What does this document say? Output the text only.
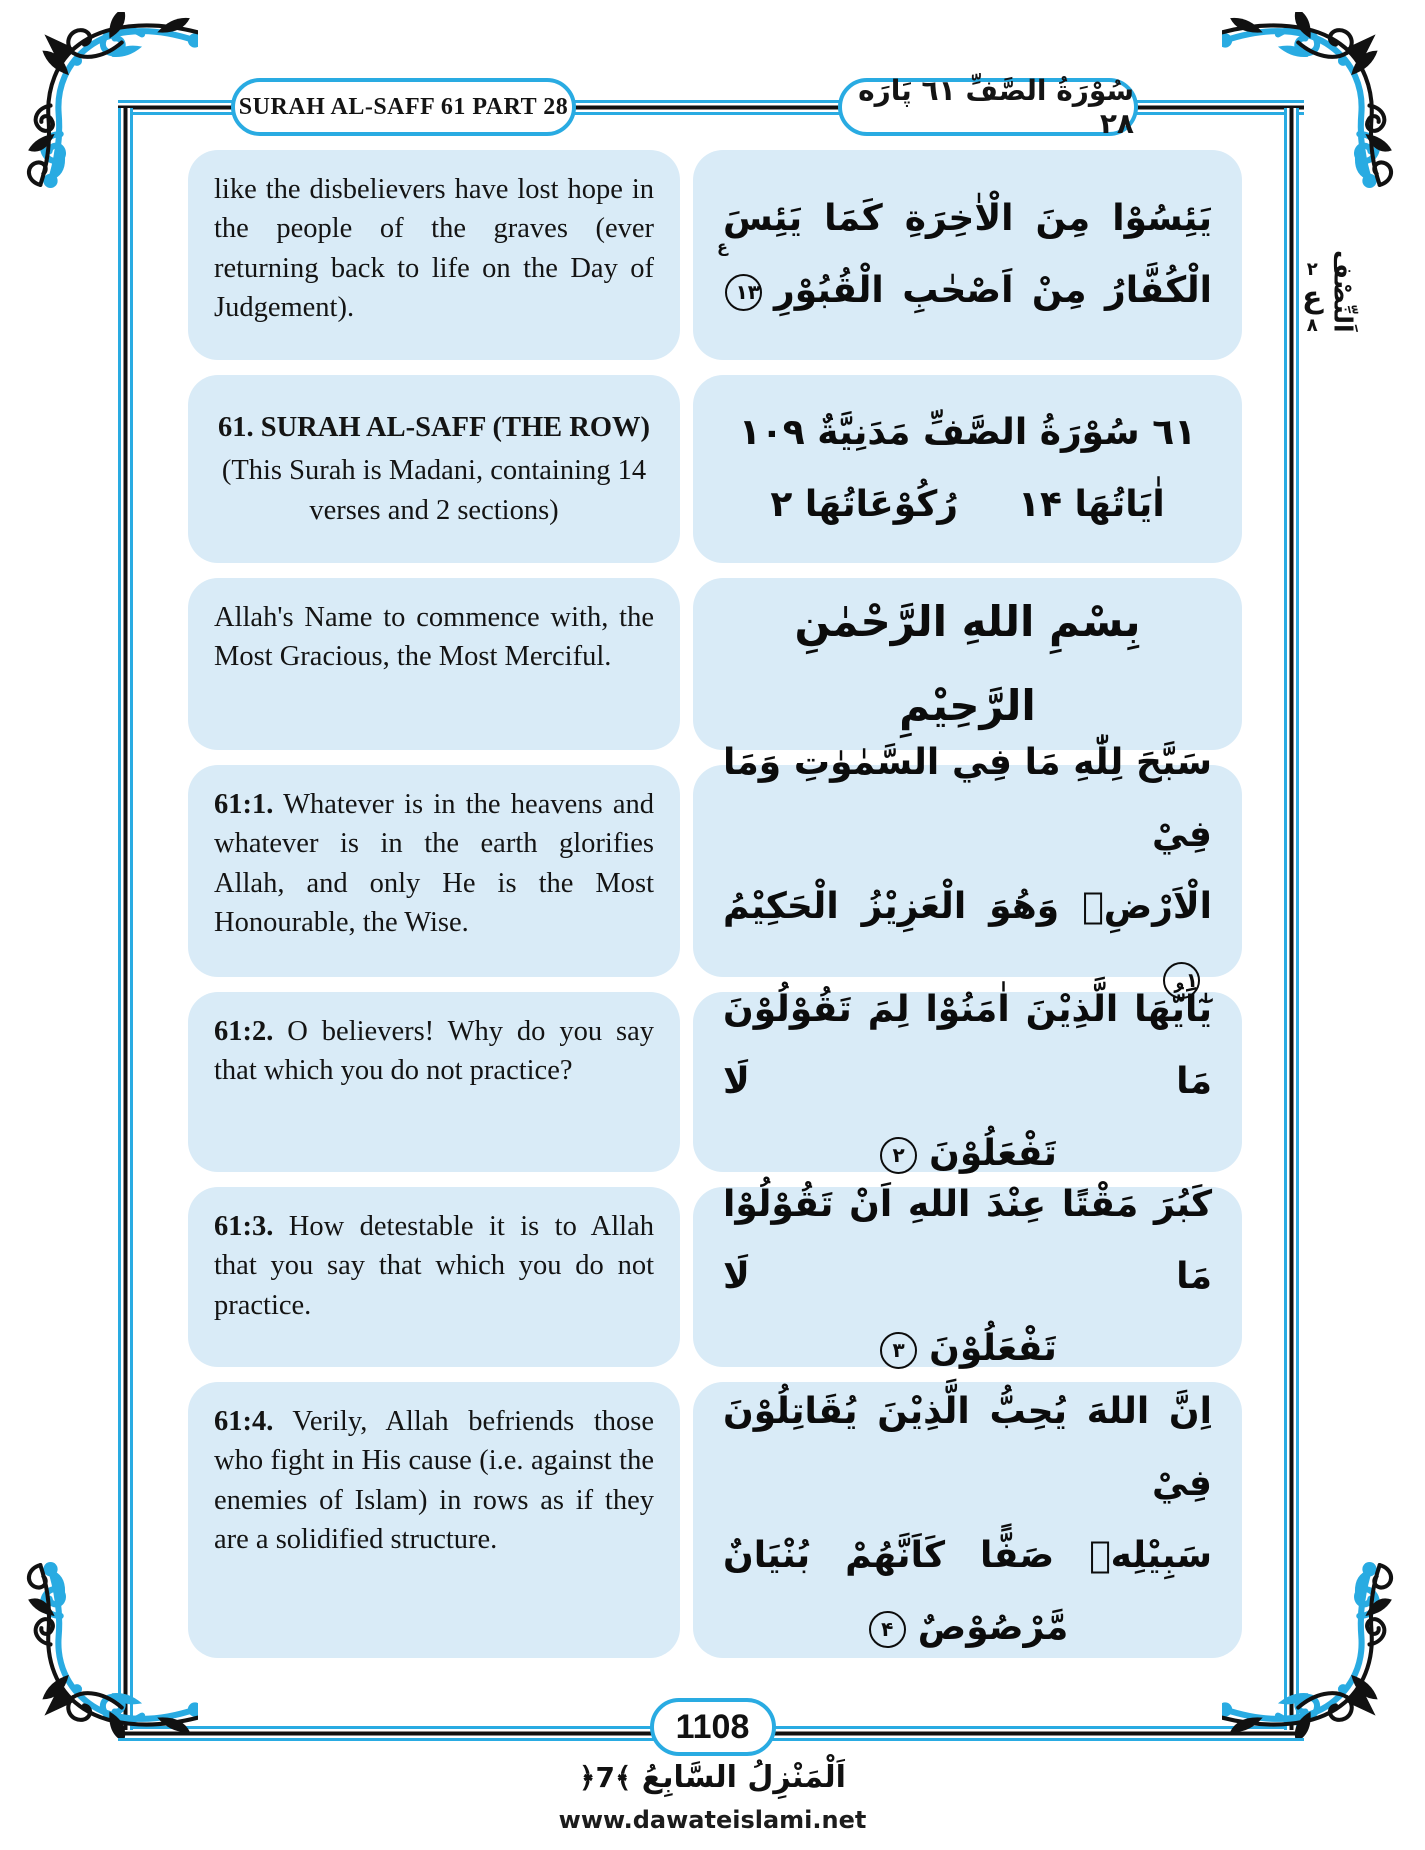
SURAH AL-SAFF 61 PART 28	سُوْرَةُ الصَّفِّ ٦١ پَارَه ٢٨
۲
ع
۸ اَلنِّصْف

like the disbelievers have lost hope in the people of the graves (ever returning back to life on the Day of Judgement).

يَئِسُوْا مِنَ الْاٰخِرَةِ كَمَا يَئِسَ
الْكُفَّارُ مِنْ اَصْحٰبِ الْقُبُوْرِ
ع
۱۳
61. SURAH AL-SAFF (THE ROW)
(This Surah is Madani, containing 14 verses and 2 sections)
٦١ سُوْرَةُ الصَّفِّ مَدَنِيَّةٌ ١٠٩
اٰيَاتُهَا ۱۴
رُكُوْعَاتُهَا ۲

Allah's Name to commence with, the Most Gracious, the Most Merciful.

بِسْمِ اللهِ الرَّحْمٰنِ الرَّحِيْمِ

61:1. Whatever is in the heavens and whatever is in the earth glorifies Allah, and only He is the Most Honourable, the Wise.

سَبَّحَ لِلّٰهِ مَا فِي السَّمٰوٰتِ وَمَا فِيْ
الْاَرْضِۚ وَهُوَ الْعَزِيْزُ الْحَكِيْمُ۱

61:2. O believers! Why do you say that which you do not practice?

يٰٓاَيُّهَا الَّذِيْنَ اٰمَنُوْا لِمَ تَقُوْلُوْنَ مَا لَا
تَفْعَلُوْنَ۲

61:3. How detestable it is to Allah that you say that which you do not practice.

كَبُرَ مَقْتًا عِنْدَ اللهِ اَنْ تَقُوْلُوْا مَا لَا
تَفْعَلُوْنَ۳

61:4. Verily, Allah befriends those who fight in His cause (i.e. against the enemies of Islam) in rows as if they are a solidified structure.

اِنَّ اللهَ يُحِبُّ الَّذِيْنَ يُقَاتِلُوْنَ فِيْ
سَبِيْلِهٖ صَفًّا كَاَنَّهُمْ بُنْيَانٌ
مَّرْصُوْصٌ۴
1108
اَلْمَنْزِلُ السَّابِعُ ﴾7﴿
www.dawateislami.net
